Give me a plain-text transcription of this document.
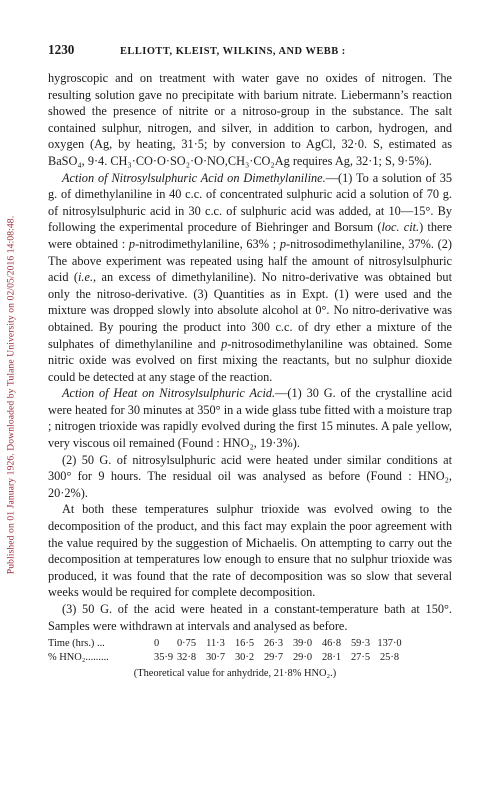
Published on 01 January 1926. Downloaded by Tulane University on 02/05/2016 14:08:48.
1230	ELLIOTT, KLEIST, WILKINS, AND WEBB :

hygroscopic and on treatment with water gave no oxides of nitrogen. The resulting solution gave no precipitate with barium nitrate. Liebermann’s reaction showed the presence of nitrite or a nitroso-group in the substance. The salt contained sulphur, nitrogen, and silver, in addition to carbon, hydrogen, and oxygen (Ag, by heating, 31·5; by conversion to AgCl, 32·0. S, estimated as BaSO₄, 9·4. CH₃·CO·O·SO₂·O·NO,CH₃·CO₂Ag requires Ag, 32·1; S, 9·5%).

Action of Nitrosylsulphuric Acid on Dimethylaniline.—(1) To a solution of 35 g. of dimethylaniline in 40 c.c. of concentrated sulphuric acid a solution of 70 g. of nitrosylsulphuric acid in 30 c.c. of sulphuric acid was added, at 10—15°. By following the experimental procedure of Biehringer and Borsum (loc. cit.) there were obtained : p-nitrodimethylaniline, 63% ; p-nitrosodimethylaniline, 37%. (2) The above experiment was repeated using half the amount of nitrosylsulphuric acid (i.e., an excess of dimethylaniline). No nitro-derivative was obtained but only the nitroso-derivative. (3) Quantities as in Expt. (1) were used and the mixture was dropped slowly into absolute alcohol at 0°. No nitro-derivative was obtained. By pouring the product into 300 c.c. of dry ether a mixture of the sulphates of dimethylaniline and p-nitrosodimethylaniline was obtained. Some nitric oxide was evolved on first mixing the reactants, but no sulphur dioxide could be detected at any stage of the reaction.

Action of Heat on Nitrosylsulphuric Acid.—(1) 30 G. of the crystalline acid were heated for 30 minutes at 350° in a wide glass tube fitted with a moisture trap ; nitrogen trioxide was rapidly evolved during the first 15 minutes. A pale yellow, very viscous oil remained (Found : HNO₂, 19·3%).

(2) 50 G. of nitrosylsulphuric acid were heated under similar conditions at 300° for 9 hours. The residual oil was analysed as before (Found : HNO₂, 20·2%).

At both these temperatures sulphur trioxide was evolved owing to the decomposition of the product, and this fact may explain the poor agreement with the value required by the suggestion of Michaelis. On attempting to carry out the decomposition at temperatures low enough to ensure that no sulphur trioxide was produced, it was found that the rate of decomposition was so slow that several weeks would be required for complete decomposition.

(3) 50 G. of the acid were heated in a constant-temperature bath at 150°. Samples were withdrawn at intervals and analysed as before.

Time (hrs.) ...	0	0·75 11·3 16·5 26·3 39·0 46·8 59·3 137·0
% HNO₂.........	35·9 32·8 30·7 30·2 29·7 29·0 28·1 27·5 25·8
(Theoretical value for anhydride, 21·8% HNO₂.)
